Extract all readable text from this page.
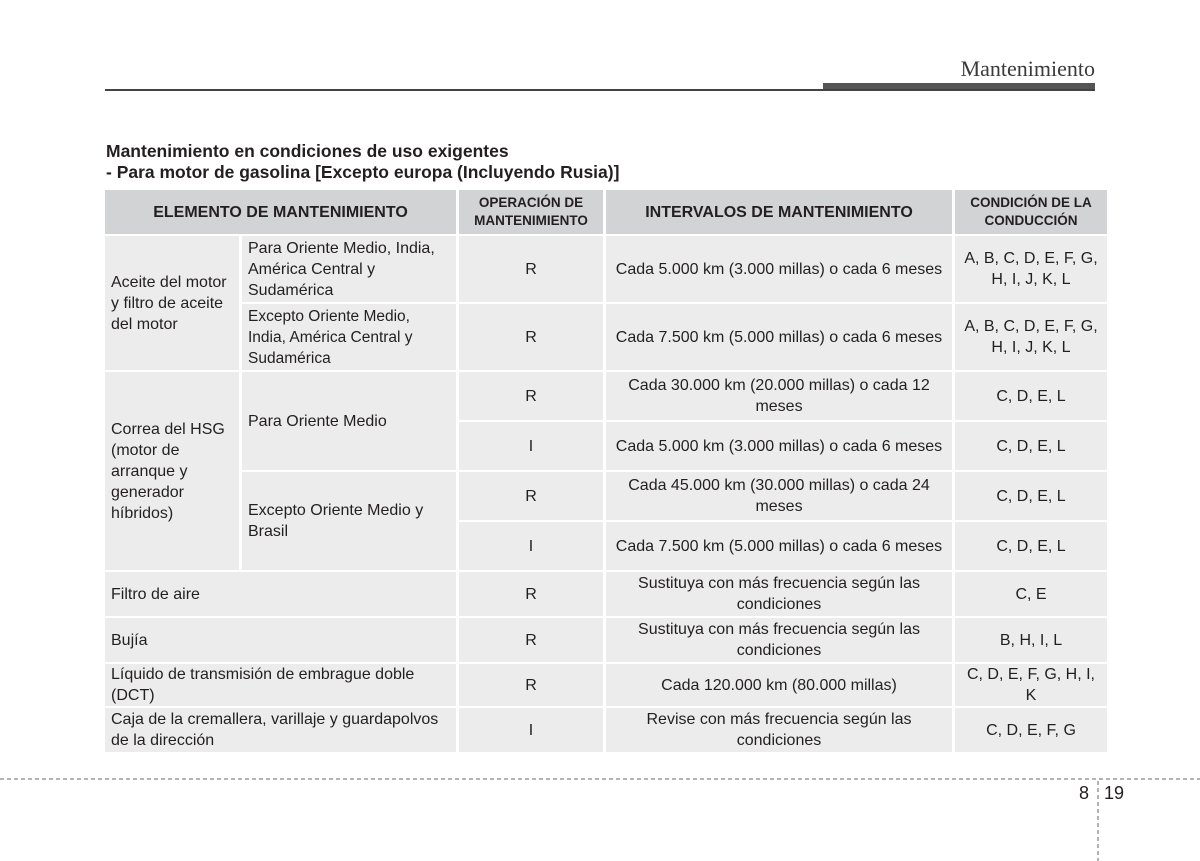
Mantenimiento
Mantenimiento en condiciones de uso exigentes
- Para motor de gasolina [Excepto europa (Incluyendo Rusia)]
ELEMENTO DE MANTENIMIENTO		OPERACIÓN DE MANTENIMIENTO	INTERVALOS DE MANTENIMIENTO	CONDICIÓN DE LA CONDUCCIÓN
Aceite del motor y filtro de aceite del motor	Para Oriente Medio, India, América Central y Sudamérica	R	Cada 5.000 km (3.000 millas) o cada 6 meses	A, B, C, D, E, F, G, H, I, J, K, L
	Excepto Oriente Medio, India, América Central y Sudamérica	R	Cada 7.500 km (5.000 millas) o cada 6 meses	A, B, C, D, E, F, G, H, I, J, K, L
Correa del HSG (motor de arranque y generador híbridos)	Para Oriente Medio	R	Cada 30.000 km (20.000 millas) o cada 12 meses	C, D, E, L
		I	Cada 5.000 km (3.000 millas) o cada 6 meses	C, D, E, L
	Excepto Oriente Medio y Brasil	R	Cada 45.000 km (30.000 millas) o cada 24 meses	C, D, E, L
		I	Cada 7.500 km (5.000 millas) o cada 6 meses	C, D, E, L
Filtro de aire		R	Sustituya con más frecuencia según las condiciones	C, E
Bujía		R	Sustituya con más frecuencia según las condiciones	B, H, I, L
Líquido de transmisión de embrague doble (DCT)		R	Cada 120.000 km (80.000 millas)	C, D, E, F, G, H, I, K
Caja de la cremallera, varillaje y guardapolvos de la dirección		I	Revise con más frecuencia según las condiciones	C, D, E, F, G
8 19
